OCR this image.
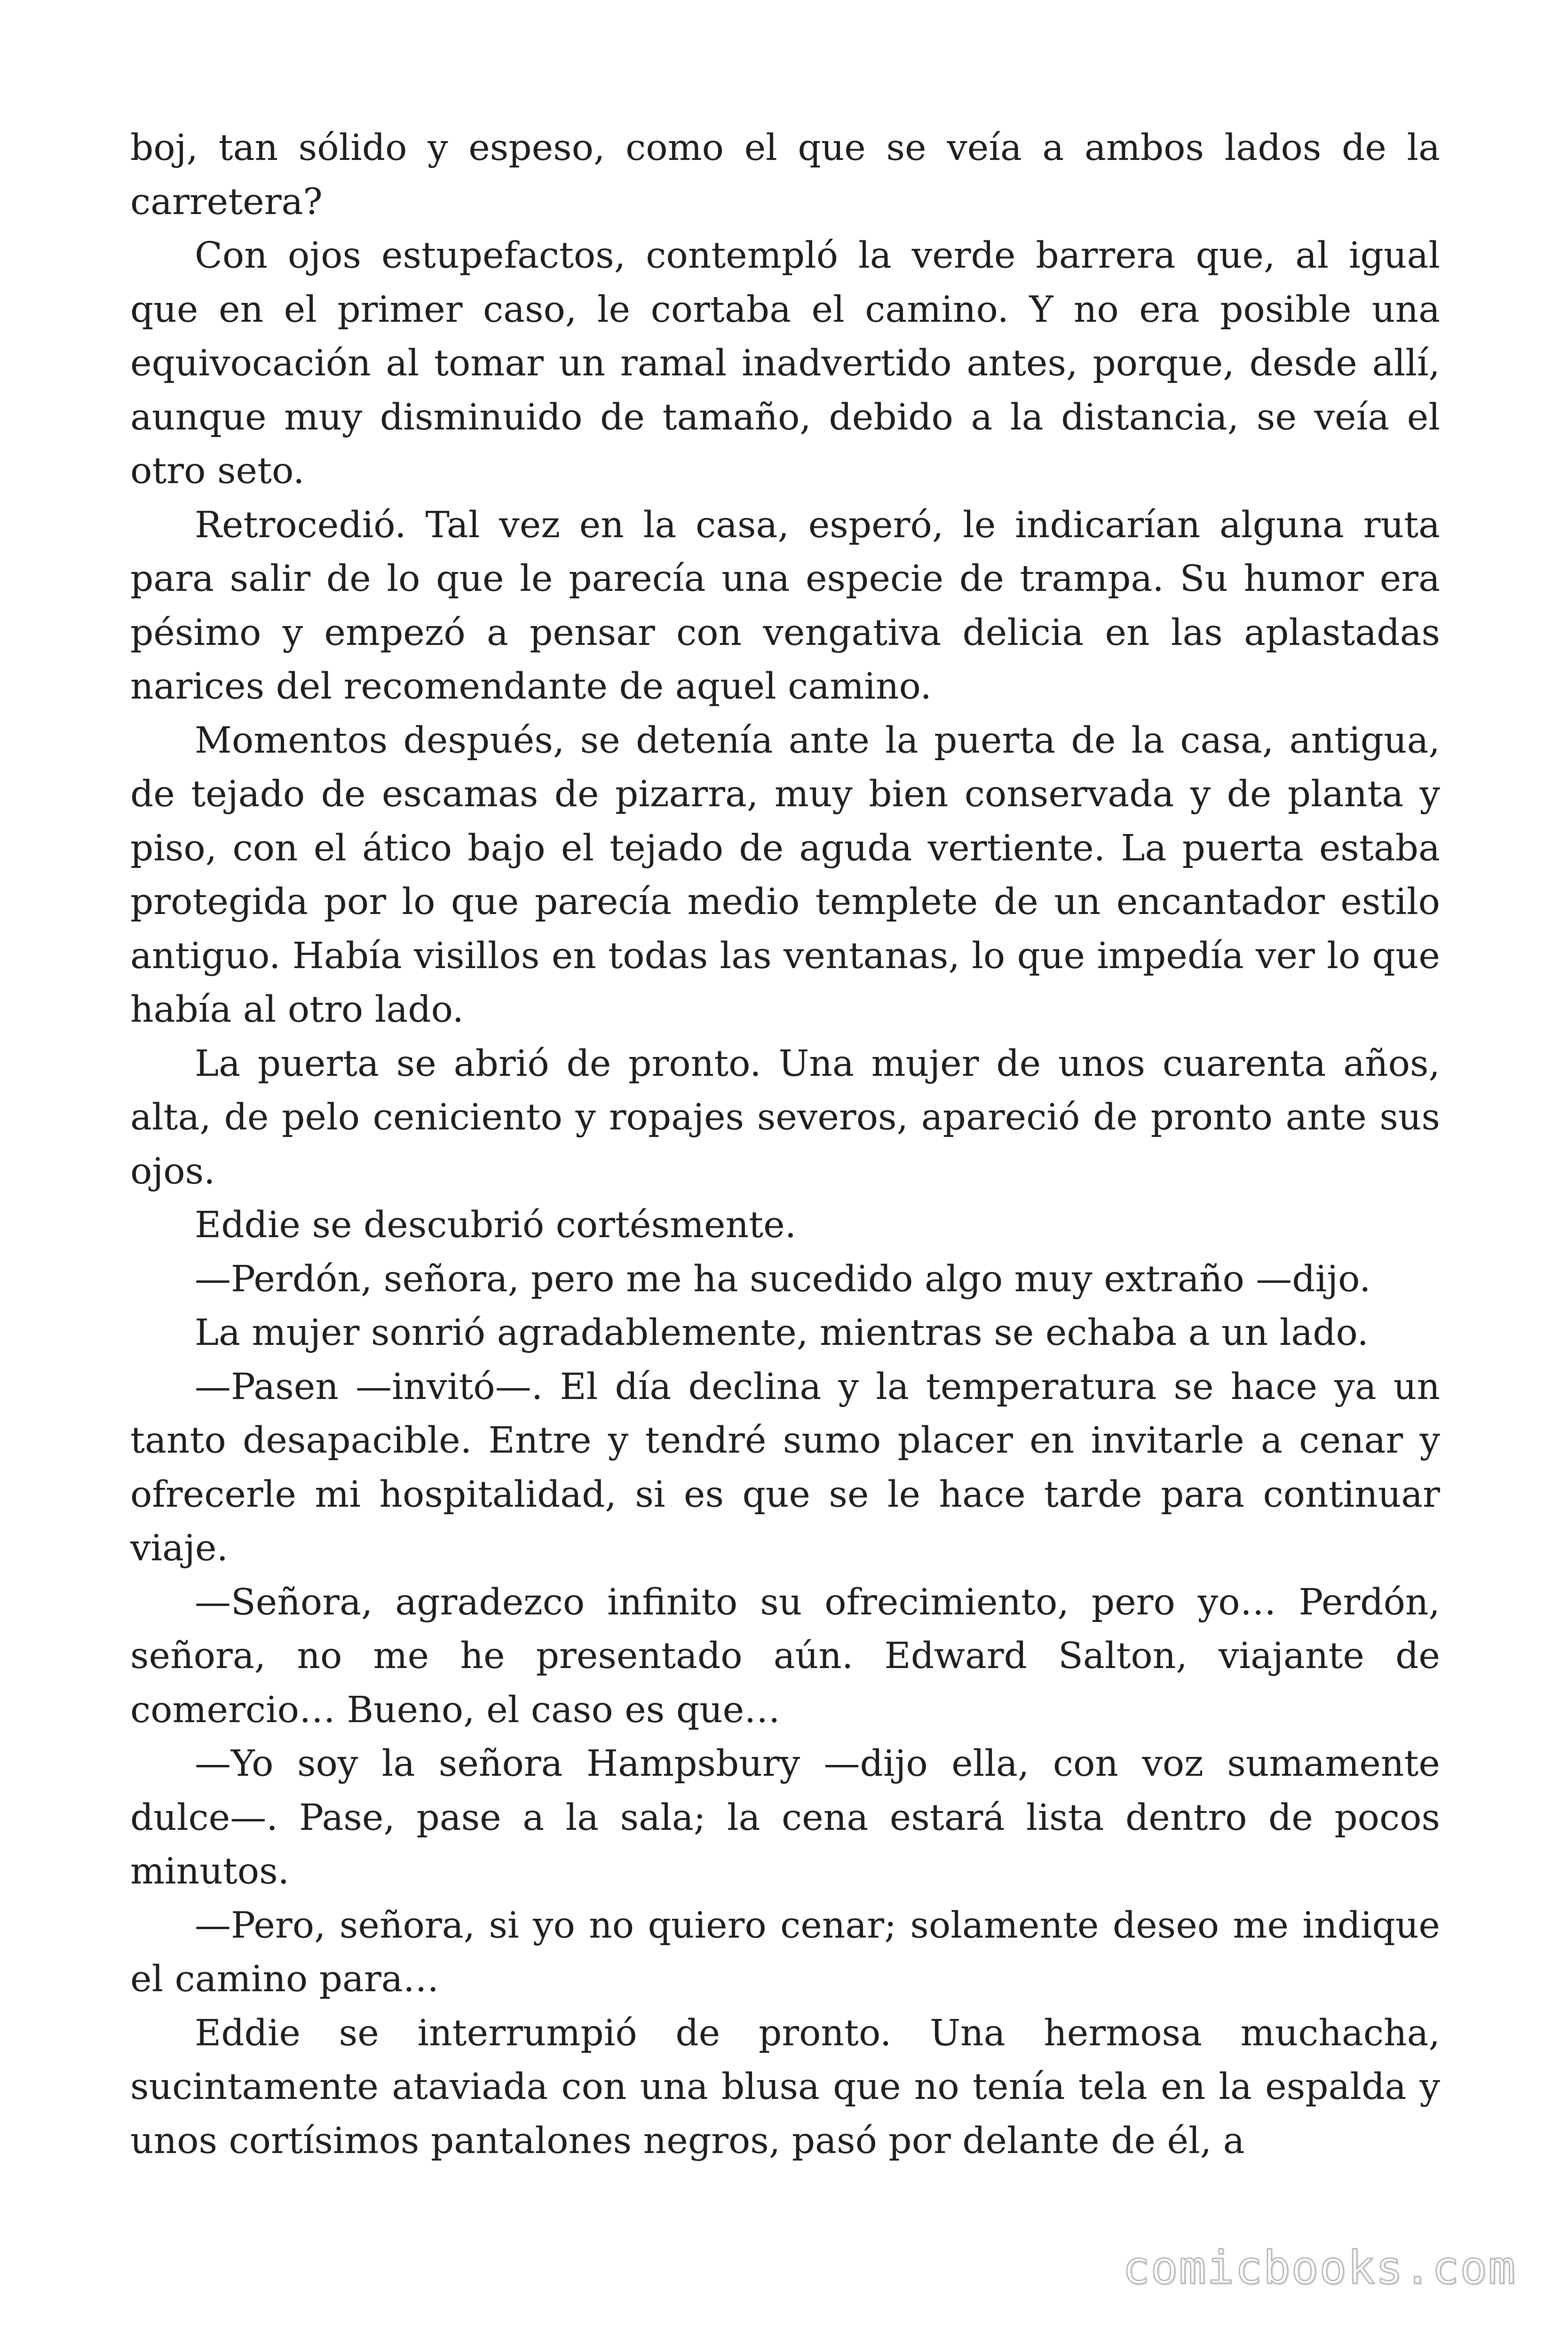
boj, tan sólido y espeso, como el que se veía a ambos lados de la carretera?

Con ojos estupefactos, contempló la verde barrera que, al igual que en el primer caso, le cortaba el camino. Y no era posible una equivocación al tomar un ramal inadvertido antes, porque, desde allí, aunque muy disminuido de tamaño, debido a la distancia, se veía el otro seto.

Retrocedió. Tal vez en la casa, esperó, le indicarían alguna ruta para salir de lo que le parecía una especie de trampa. Su humor era pésimo y empezó a pensar con vengativa delicia en las aplastadas narices del recomendante de aquel camino.

Momentos después, se detenía ante la puerta de la casa, antigua, de tejado de escamas de pizarra, muy bien conservada y de planta y piso, con el ático bajo el tejado de aguda vertiente. La puerta estaba protegida por lo que parecía medio templete de un encantador estilo antiguo. Había visillos en todas las ventanas, lo que impedía ver lo que había al otro lado.

La puerta se abrió de pronto. Una mujer de unos cuarenta años, alta, de pelo ceniciento y ropajes severos, apareció de pronto ante sus ojos.

Eddie se descubrió cortésmente.

—Perdón, señora, pero me ha sucedido algo muy extraño —dijo.

La mujer sonrió agradablemente, mientras se echaba a un lado.

—Pasen —invitó—. El día declina y la temperatura se hace ya un tanto desapacible. Entre y tendré sumo placer en invitarle a cenar y ofrecerle mi hospitalidad, si es que se le hace tarde para continuar viaje.

—Señora, agradezco infinito su ofrecimiento, pero yo… Perdón, señora, no me he presentado aún. Edward Salton, viajante de comercio… Bueno, el caso es que…

—Yo soy la señora Hampsbury —dijo ella, con voz sumamente dulce—. Pase, pase a la sala; la cena estará lista dentro de pocos minutos.

—Pero, señora, si yo no quiero cenar; solamente deseo me indique el camino para…

Eddie se interrumpió de pronto. Una hermosa muchacha, sucintamente ataviada con una blusa que no tenía tela en la espalda y unos cortísimos pantalones negros, pasó por delante de él, a

comicbooks.com
